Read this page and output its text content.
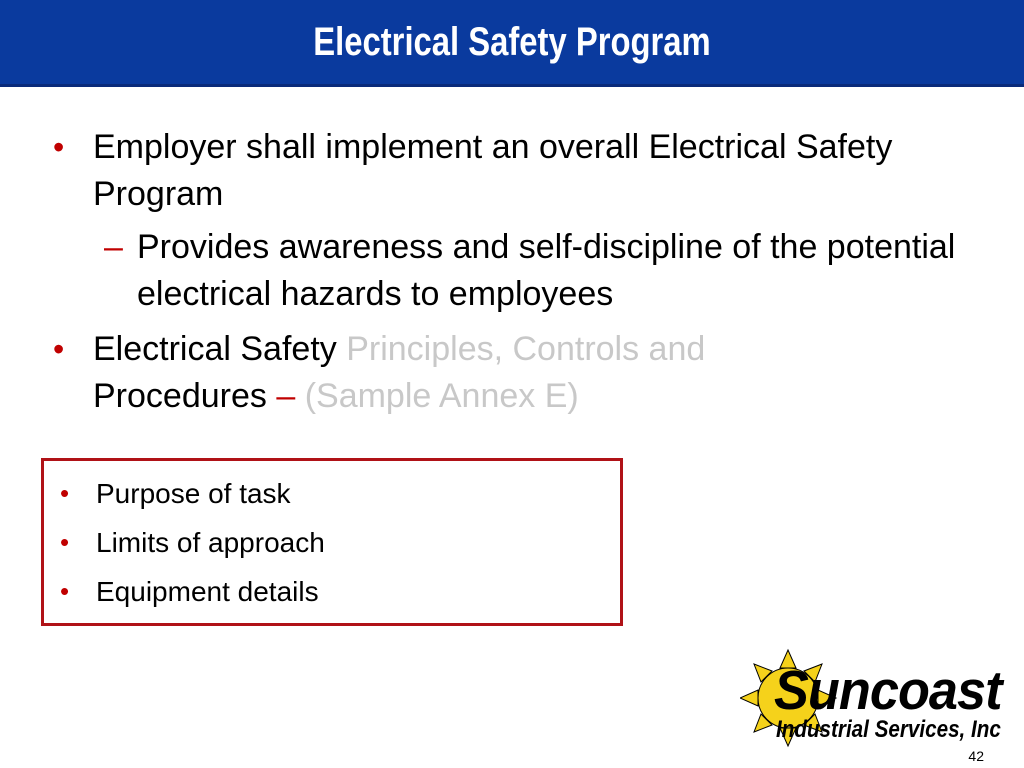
Electrical Safety Program
• Employer shall implement an overall Electrical Safety Program
– Provides awareness and self-discipline of the potential electrical hazards to employees
• Electrical Safety Principles, Controls and
Procedures – (Sample Annex E)
• Purpose of task
• Limits of approach
• Equipment details
Suncoast
Industrial Services, Inc
42
